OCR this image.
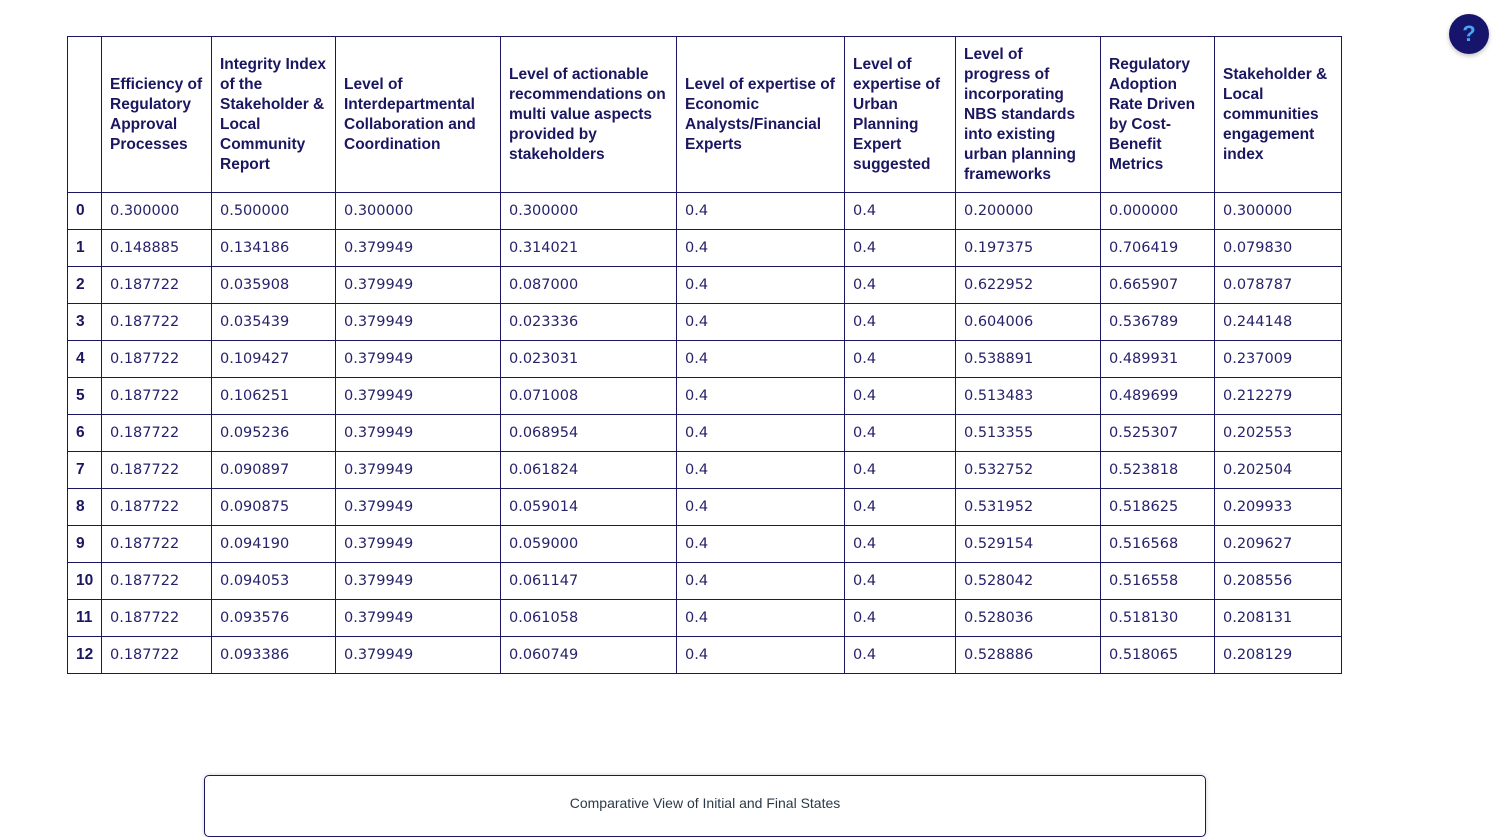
	Efficiency of Regulatory Approval Processes	Integrity Index of the Stakeholder & Local Community Report	Level of Interdepartmental Collaboration and Coordination	Level of actionable recommendations on multi value aspects provided by stakeholders	Level of expertise of Economic Analysts/Financial Experts	Level of expertise of Urban Planning Expert suggested	Level of progress of incorporating NBS standards into existing urban planning frameworks	Regulatory Adoption Rate Driven by Cost-Benefit Metrics	Stakeholder & Local communities engagement index
0	0.300000	0.500000	0.300000	0.300000	0.4	0.4	0.200000	0.000000	0.300000
1	0.148885	0.134186	0.379949	0.314021	0.4	0.4	0.197375	0.706419	0.079830
2	0.187722	0.035908	0.379949	0.087000	0.4	0.4	0.622952	0.665907	0.078787
3	0.187722	0.035439	0.379949	0.023336	0.4	0.4	0.604006	0.536789	0.244148
4	0.187722	0.109427	0.379949	0.023031	0.4	0.4	0.538891	0.489931	0.237009
5	0.187722	0.106251	0.379949	0.071008	0.4	0.4	0.513483	0.489699	0.212279
6	0.187722	0.095236	0.379949	0.068954	0.4	0.4	0.513355	0.525307	0.202553
7	0.187722	0.090897	0.379949	0.061824	0.4	0.4	0.532752	0.523818	0.202504
8	0.187722	0.090875	0.379949	0.059014	0.4	0.4	0.531952	0.518625	0.209933
9	0.187722	0.094190	0.379949	0.059000	0.4	0.4	0.529154	0.516568	0.209627
10	0.187722	0.094053	0.379949	0.061147	0.4	0.4	0.528042	0.516558	0.208556
11	0.187722	0.093576	0.379949	0.061058	0.4	0.4	0.528036	0.518130	0.208131
12	0.187722	0.093386	0.379949	0.060749	0.4	0.4	0.528886	0.518065	0.208129
?
Comparative View of Initial and Final States
